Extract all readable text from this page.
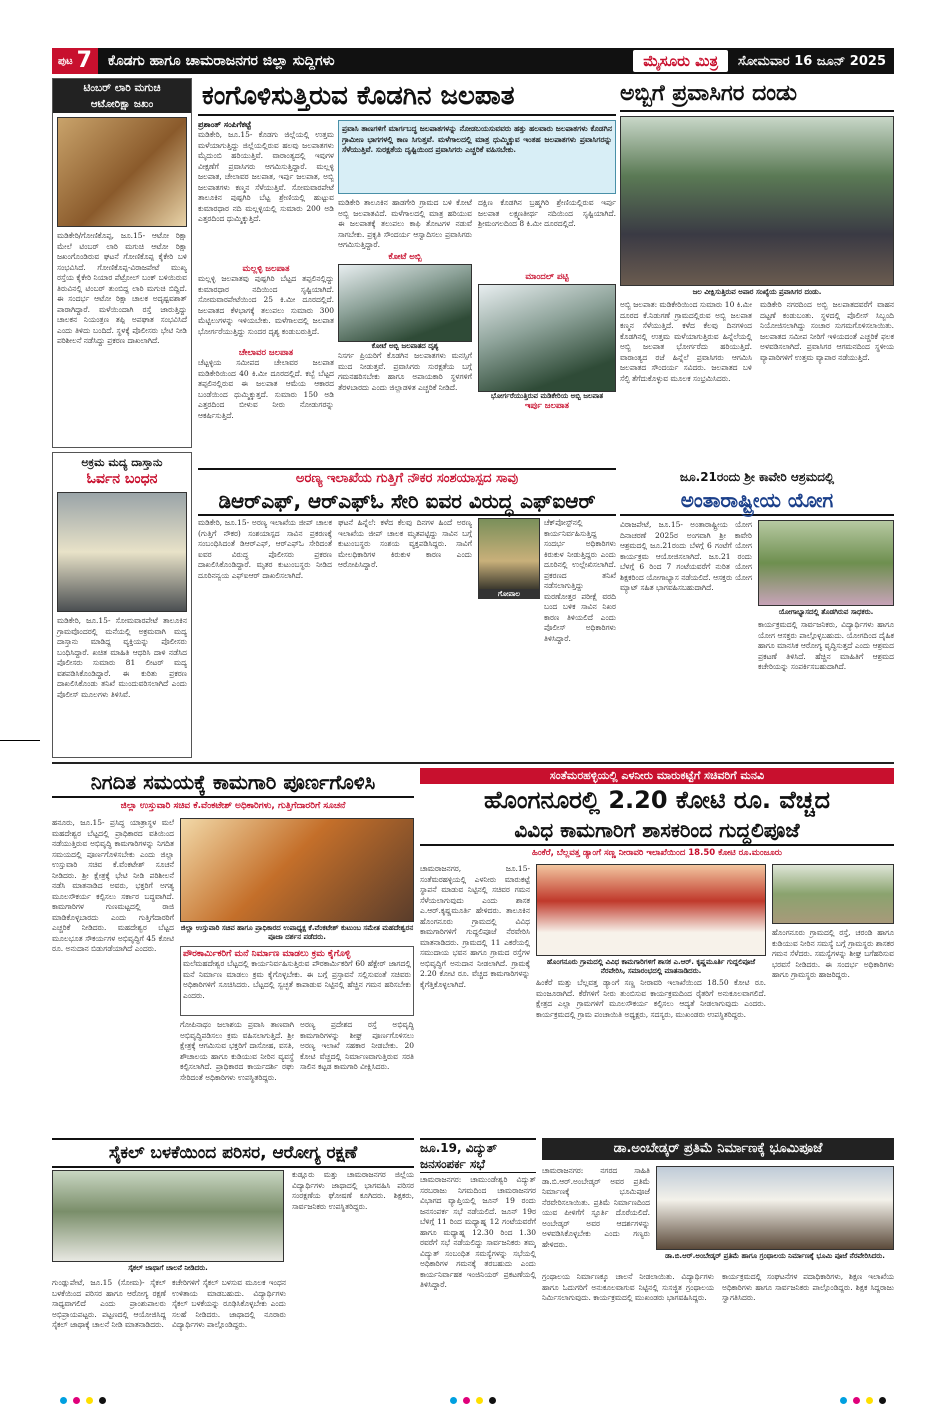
ಪುಟ 7	ಕೊಡಗು ಹಾಗೂ ಚಾಮರಾಜನಗರ ಜಿಲ್ಲಾ ಸುದ್ದಿಗಳು	ಮೈಸೂರು ಮಿತ್ರ	ಸೋಮವಾರ 16 ಜೂನ್ 2025
ಟಿಂಬರ್ ಲಾರಿ ಮಗುಚಿ
ಆಟೋರಿಕ್ಷಾ ಜಖಂ
ಮಡಿಕೇರಿ/ಗೋಣಿಕೊಪ್ಪ, ಜೂ.15- ಆಟೋ ರಿಕ್ಷಾ ಮೇಲೆ ಟಿಂಬರ್ ಲಾರಿ ಮಗುಚಿ ಆಟೋ ರಿಕ್ಷಾ ಜಖಂಗೊಂಡಿರುವ ಘಟನೆ ಗೋಣಿಕೊಪ್ಪ ಕೈಕೇರಿ ಬಳಿ ಸಂಭವಿಸಿದೆ. ಗೋಣಿಕೊಪ್ಪ-ವಿರಾಜಪೇಟೆ ಮುಖ್ಯ ರಸ್ತೆಯ ಕೈಕೇರಿ ನಿಯಾರ ಪೆಟ್ರೋಲ್ ಬಂಕ್ ಬಳಿಯಿರುವ ತಿರುವಿನಲ್ಲಿ ಟಿಂಬರ್ ತುಂಬಿದ್ದ ಲಾರಿ ಮಗುಚಿ ಬಿದ್ದಿದೆ. ಈ ಸಂದರ್ಭ ಆಟೋ ರಿಕ್ಷಾ ಚಾಲಕ ಅದೃಷ್ಟವಶಾತ್ ಪಾರಾಗಿದ್ದಾರೆ. ಮಳೆಯಿಂದಾಗಿ ರಸ್ತೆ ಜಾರುತ್ತಿದ್ದು ಚಾಲಕನ ನಿಯಂತ್ರಣ ತಪ್ಪಿ ಅಪಘಾತ ಸಂಭವಿಸಿದೆ ಎಂದು ತಿಳಿದು ಬಂದಿದೆ. ಸ್ಥಳಕ್ಕೆ ಪೊಲೀಸರು ಭೇಟಿ ನೀಡಿ ಪರಿಶೀಲನೆ ನಡೆಸಿದ್ದು ಪ್ರಕರಣ ದಾಖಲಾಗಿದೆ.
ಅಕ್ರಮ ಮದ್ಯ ದಾಸ್ತಾನು
ಓರ್ವನ ಬಂಧನ
ಮಡಿಕೇರಿ, ಜೂ.15- ಸೋಮವಾರಪೇಟೆ ತಾಲೂಕಿನ ಗ್ರಾಮವೊಂದರಲ್ಲಿ ಮನೆಯಲ್ಲಿ ಅಕ್ರಮವಾಗಿ ಮದ್ಯ ದಾಸ್ತಾನು ಮಾಡಿದ್ದ ವ್ಯಕ್ತಿಯನ್ನು ಪೊಲೀಸರು ಬಂಧಿಸಿದ್ದಾರೆ. ಖಚಿತ ಮಾಹಿತಿ ಆಧರಿಸಿ ದಾಳಿ ನಡೆಸಿದ ಪೊಲೀಸರು ಸುಮಾರು 81 ಲೀಟರ್ ಮದ್ಯ ವಶಪಡಿಸಿಕೊಂಡಿದ್ದಾರೆ. ಈ ಕುರಿತು ಪ್ರಕರಣ ದಾಖಲಿಸಿಕೊಂಡು ತನಿಖೆ ಮುಂದುವರಿಸಲಾಗಿದೆ ಎಂದು ಪೊಲೀಸ್ ಮೂಲಗಳು ತಿಳಿಸಿವೆ.
ಕಂಗೊಳಿಸುತ್ತಿರುವ ಕೊಡಗಿನ ಜಲಪಾತ
ಪ್ರಶಾಂತ್ ಸಂಪಿಗೆಕಟ್ಟೆ
ಮಡಿಕೇರಿ, ಜೂ.15- ಕೊಡಗು ಜಿಲ್ಲೆಯಲ್ಲಿ ಉತ್ತಮ ಮಳೆಯಾಗುತ್ತಿದ್ದು ಜಿಲ್ಲೆಯಲ್ಲಿರುವ ಹಲವು ಜಲಪಾತಗಳು ಮೈದುಂಬಿ ಹರಿಯುತ್ತಿವೆ. ವಾರಾಂತ್ಯದಲ್ಲಿ ಇವುಗಳ ವೀಕ್ಷಣೆಗೆ ಪ್ರವಾಸಿಗರು ಆಗಮಿಸುತ್ತಿದ್ದಾರೆ. ಮಲ್ಲಳ್ಳಿ ಜಲಪಾತ, ಚೇಲಾವರ ಜಲಪಾತ, ಇರ್ಪು ಜಲಪಾತ, ಅಬ್ಬಿ ಜಲಪಾತಗಳು ಕಣ್ಮನ ಸೆಳೆಯುತ್ತಿವೆ. ಸೋಮವಾರಪೇಟೆ ತಾಲೂಕಿನ ಪುಷ್ಪಗಿರಿ ಬೆಟ್ಟ ಶ್ರೇಣಿಯಲ್ಲಿ ಹುಟ್ಟುವ ಕುಮಾರಧಾರ ನದಿ ಮಲ್ಲಳ್ಳಿಯಲ್ಲಿ ಸುಮಾರು 200 ಅಡಿ ಎತ್ತರದಿಂದ ಧುಮ್ಮಿಕ್ಕುತ್ತಿದೆ.
ಮಲ್ಲಳ್ಳಿ ಜಲಪಾತ
ಮಲ್ಲಳ್ಳಿ ಜಲಪಾತವು ಪುಷ್ಪಗಿರಿ ಬೆಟ್ಟದ ತಪ್ಪಲಿನಲ್ಲಿದ್ದು ಕುಮಾರಧಾರ ನದಿಯಿಂದ ಸೃಷ್ಟಿಯಾಗಿದೆ. ಸೋಮವಾರಪೇಟೆಯಿಂದ 25 ಕಿ.ಮೀ ದೂರದಲ್ಲಿದೆ. ಜಲಪಾತದ ಕೆಳಭಾಗಕ್ಕೆ ತಲುಪಲು ಸುಮಾರು 300 ಮೆಟ್ಟಿಲುಗಳನ್ನು ಇಳಿಯಬೇಕು. ಮಳೆಗಾಲದಲ್ಲಿ ಜಲಪಾತ ಭೋರ್ಗರೆಯುತ್ತಿದ್ದು ಸುಂದರ ದೃಶ್ಯ ಕಂಡುಬರುತ್ತಿದೆ.
ಚೇಲಾವರ ಜಲಪಾತ
ಚೆಟ್ಟಳ್ಳಿಯ ಸಮೀಪದ ಚೇಲಾವರ ಜಲಪಾತ ಮಡಿಕೇರಿಯಿಂದ 40 ಕಿ.ಮೀ ದೂರದಲ್ಲಿದೆ. ಕಬ್ಬೆ ಬೆಟ್ಟದ ತಪ್ಪಲಿನಲ್ಲಿರುವ ಈ ಜಲಪಾತ ಆಮೆಯ ಆಕಾರದ ಬಂಡೆಯಿಂದ ಧುಮ್ಮಿಕ್ಕುತ್ತದೆ. ಸುಮಾರು 150 ಅಡಿ ಎತ್ತರದಿಂದ ಬೀಳುವ ನೀರು ನೋಡುಗರನ್ನು ಆಕರ್ಷಿಸುತ್ತಿದೆ.
ಪ್ರವಾಸಿ ತಾಣಗಳಿಗೆ ಮಾರ್ಗಬದ್ಧ ಜಲಪಾತಗಳನ್ನು ನೋಡಬಯಸುವವರು ಹತ್ತು ಹಲವಾರು ಜಲಪಾತಗಳು ಕೊಡಗಿನ ಗ್ರಾಮೀಣ ಭಾಗಗಳಲ್ಲಿ ಕಾಣ ಸಿಗುತ್ತವೆ. ಮಳೆಗಾಲದಲ್ಲಿ ಮಾತ್ರ ಧುಮ್ಮಿಕ್ಕುವ ಇಂತಹ ಜಲಪಾತಗಳು ಪ್ರವಾಸಿಗರನ್ನು ಸೆಳೆಯುತ್ತಿವೆ. ಸುರಕ್ಷತೆಯ ದೃಷ್ಟಿಯಿಂದ ಪ್ರವಾಸಿಗರು ಎಚ್ಚರಿಕೆ ವಹಿಸಬೇಕು.
ಮಡಿಕೇರಿ ತಾಲೂಕಿನ ಹಾಡಗೇರಿ ಗ್ರಾಮದ ಬಳಿ ಕೋಟೆ ಅಬ್ಬಿ ಜಲಪಾತವಿದೆ. ಮಳೆಗಾಲದಲ್ಲಿ ಮಾತ್ರ ಹರಿಯುವ ಈ ಜಲಪಾತಕ್ಕೆ ತಲುಪಲು ಕಾಫಿ ತೋಟಗಳ ನಡುವೆ ಸಾಗಬೇಕು. ಪ್ರಕೃತಿ ಸೌಂದರ್ಯ ಆಸ್ವಾದಿಸಲು ಪ್ರವಾಸಿಗರು ಆಗಮಿಸುತ್ತಿದ್ದಾರೆ.
ಕೋಟೆ ಅಬ್ಬಿ
ಕೋಟೆ ಅಬ್ಬಿ ಜಲಪಾತದ ದೃಶ್ಯ
ನಿಸರ್ಗ ಪ್ರಿಯರಿಗೆ ಕೊಡಗಿನ ಜಲಪಾತಗಳು ಮನಸ್ಸಿಗೆ ಮುದ ನೀಡುತ್ತವೆ. ಪ್ರವಾಸಿಗರು ಸುರಕ್ಷತೆಯ ಬಗ್ಗೆ ಗಮನಹರಿಸಬೇಕು ಹಾಗೂ ಅಪಾಯಕಾರಿ ಸ್ಥಳಗಳಿಗೆ ತೆರಳಬಾರದು ಎಂದು ಜಿಲ್ಲಾಡಳಿತ ಎಚ್ಚರಿಕೆ ನೀಡಿದೆ.
ದಕ್ಷಿಣ ಕೊಡಗಿನ ಬ್ರಹ್ಮಗಿರಿ ಶ್ರೇಣಿಯಲ್ಲಿರುವ ಇರ್ಪು ಜಲಪಾತ ಲಕ್ಷ್ಮಣತೀರ್ಥ ನದಿಯಿಂದ ಸೃಷ್ಟಿಯಾಗಿದೆ. ಶ್ರೀಮಂಗಲದಿಂದ 8 ಕಿ.ಮೀ ದೂರದಲ್ಲಿದೆ.
ಮಾಂದಲ್ ಪಟ್ಟಿ
ಭೋರ್ಗರೆಯುತ್ತಿರುವ ಮಡಿಕೇರಿಯ ಅಬ್ಬಿ ಜಲಪಾತ
ಇರ್ಪು ಜಲಪಾತ
ಅಬ್ಬಿಗೆ ಪ್ರವಾಸಿಗರ ದಂಡು
ಜಲ ವೀಕ್ಷಿಸುತ್ತಿರುವ ಅಪಾರ ಸಂಖ್ಯೆಯ ಪ್ರವಾಸಿಗರ ದಂಡು.
ಅಬ್ಬಿ ಜಲಪಾತ: ಮಡಿಕೇರಿಯಿಂದ ಸುಮಾರು 10 ಕಿ.ಮೀ ದೂರದ ಕೆ.ನಿಡುಗಣೆ ಗ್ರಾಮದಲ್ಲಿರುವ ಅಬ್ಬಿ ಜಲಪಾತ ಕಣ್ಮನ ಸೆಳೆಯುತ್ತಿದೆ. ಕಳೆದ ಕೆಲವು ದಿನಗಳಿಂದ ಕೊಡಗಿನಲ್ಲಿ ಉತ್ತಮ ಮಳೆಯಾಗುತ್ತಿರುವ ಹಿನ್ನೆಲೆಯಲ್ಲಿ ಅಬ್ಬಿ ಜಲಪಾತ ಭೋರ್ಗರೆದು ಹರಿಯುತ್ತಿದೆ. ವಾರಾಂತ್ಯದ ರಜೆ ಹಿನ್ನೆಲೆ ಪ್ರವಾಸಿಗರು ಆಗಮಿಸಿ ಜಲಪಾತದ ಸೌಂದರ್ಯ ಸವಿದರು. ಜಲಪಾತದ ಬಳಿ ಸೆಲ್ಫಿ ತೆಗೆದುಕೊಳ್ಳುವ ಮೂಲಕ ಸಂಭ್ರಮಿಸಿದರು.
ಮಡಿಕೇರಿ ನಗರದಿಂದ ಅಬ್ಬಿ ಜಲಪಾತದವರೆಗೆ ವಾಹನ ದಟ್ಟಣೆ ಕಂಡುಬಂತು. ಸ್ಥಳದಲ್ಲಿ ಪೊಲೀಸ್ ಸಿಬ್ಬಂದಿ ನಿಯೋಜಿಸಲಾಗಿದ್ದು ಸಂಚಾರ ಸುಗಮಗೊಳಿಸಲಾಯಿತು. ಜಲಪಾತದ ಸಮೀಪ ನೀರಿಗೆ ಇಳಿಯದಂತೆ ಎಚ್ಚರಿಕೆ ಫಲಕ ಅಳವಡಿಸಲಾಗಿದೆ. ಪ್ರವಾಸಿಗರ ಆಗಮನದಿಂದ ಸ್ಥಳೀಯ ವ್ಯಾಪಾರಿಗಳಿಗೆ ಉತ್ತಮ ವ್ಯಾಪಾರ ನಡೆಯುತ್ತಿದೆ.
ಜೂ.21ರಂದು ಶ್ರೀ ಕಾವೇರಿ ಆಶ್ರಮದಲ್ಲಿ
ಅಂತಾರಾಷ್ಟ್ರೀಯ ಯೋಗ
ವಿರಾಜಪೇಟೆ, ಜೂ.15- ಅಂತಾರಾಷ್ಟ್ರೀಯ ಯೋಗ ದಿನಾಚರಣೆ 2025ರ ಅಂಗವಾಗಿ ಶ್ರೀ ಕಾವೇರಿ ಆಶ್ರಮದಲ್ಲಿ ಜೂ.21ರಂದು ಬೆಳಗ್ಗೆ 6 ಗಂಟೆಗೆ ಯೋಗ ಕಾರ್ಯಕ್ರಮ ಆಯೋಜಿಸಲಾಗಿದೆ. ಜೂ.21 ರಂದು ಬೆಳಗ್ಗೆ 6 ರಿಂದ 7 ಗಂಟೆಯವರೆಗೆ ನುರಿತ ಯೋಗ ಶಿಕ್ಷಕರಿಂದ ಯೋಗಾಭ್ಯಾಸ ನಡೆಯಲಿದೆ. ಆಸಕ್ತರು ಯೋಗ ಮ್ಯಾಟ್ ಸಹಿತ ಭಾಗವಹಿಸಬಹುದಾಗಿದೆ.
ಯೋಗಾಭ್ಯಾಸದಲ್ಲಿ ತೊಡಗಿರುವ ಸಾಧಕರು.
ಕಾರ್ಯಕ್ರಮದಲ್ಲಿ ಸಾರ್ವಜನಿಕರು, ವಿದ್ಯಾರ್ಥಿಗಳು ಹಾಗೂ ಯೋಗ ಆಸಕ್ತರು ಪಾಲ್ಗೊಳ್ಳಬಹುದು. ಯೋಗದಿಂದ ದೈಹಿಕ ಹಾಗೂ ಮಾನಸಿಕ ಆರೋಗ್ಯ ವೃದ್ಧಿಸುತ್ತದೆ ಎಂದು ಆಶ್ರಮದ ಪ್ರಕಟಣೆ ತಿಳಿಸಿದೆ. ಹೆಚ್ಚಿನ ಮಾಹಿತಿಗೆ ಆಶ್ರಮದ ಕಚೇರಿಯನ್ನು ಸಂಪರ್ಕಿಸಬಹುದಾಗಿದೆ.
ಅರಣ್ಯ ಇಲಾಖೆಯ ಗುತ್ತಿಗೆ ನೌಕರ ಸಂಶಯಾಸ್ಪದ ಸಾವು
ಡಿಆರ್‌ಎಫ್, ಆರ್‌ಎಫ್‌ಓ ಸೇರಿ ಐವರ ವಿರುದ್ಧ ಎಫ್‌ಐಆರ್
ಮಡಿಕೇರಿ, ಜೂ.15- ಅರಣ್ಯ ಇಲಾಖೆಯ ಜೀಪ್ ಚಾಲಕ (ಗುತ್ತಿಗೆ ನೌಕರ) ಸಂಶಯಾಸ್ಪದ ಸಾವಿನ ಪ್ರಕರಣಕ್ಕೆ ಸಂಬಂಧಿಸಿದಂತೆ ಡಿಆರ್‌ಎಫ್, ಆರ್‌ಎಫ್‌ಓ ಸೇರಿದಂತೆ ಐವರ ವಿರುದ್ಧ ಪೊಲೀಸರು ಪ್ರಕರಣ ದಾಖಲಿಸಿಕೊಂಡಿದ್ದಾರೆ. ಮೃತರ ಕುಟುಂಬಸ್ಥರು ನೀಡಿದ ದೂರಿನನ್ವಯ ಎಫ್‌ಐಆರ್ ದಾಖಲಿಸಲಾಗಿದೆ.
ಘಟನೆ ಹಿನ್ನೆಲೆ: ಕಳೆದ ಕೆಲವು ದಿನಗಳ ಹಿಂದೆ ಅರಣ್ಯ ಇಲಾಖೆಯ ಜೀಪ್ ಚಾಲಕ ಮೃತಪಟ್ಟಿದ್ದು ಸಾವಿನ ಬಗ್ಗೆ ಕುಟುಂಬಸ್ಥರು ಸಂಶಯ ವ್ಯಕ್ತಪಡಿಸಿದ್ದರು. ಸಾವಿಗೆ ಮೇಲಧಿಕಾರಿಗಳ ಕಿರುಕುಳ ಕಾರಣ ಎಂದು ಆರೋಪಿಸಿದ್ದಾರೆ.
ಗೋಪಾಲ
ಚೆಕ್‌ಪೋಸ್ಟ್‌ನಲ್ಲಿ ಕಾರ್ಯನಿರ್ವಹಿಸುತ್ತಿದ್ದ ಸಂದರ್ಭ ಅಧಿಕಾರಿಗಳು ಕಿರುಕುಳ ನೀಡುತ್ತಿದ್ದರು ಎಂದು ದೂರಿನಲ್ಲಿ ಉಲ್ಲೇಖಿಸಲಾಗಿದೆ. ಪ್ರಕರಣದ ತನಿಖೆ ನಡೆಸಲಾಗುತ್ತಿದ್ದು ಮರಣೋತ್ತರ ಪರೀಕ್ಷೆ ವರದಿ ಬಂದ ಬಳಿಕ ಸಾವಿನ ನಿಖರ ಕಾರಣ ತಿಳಿಯಲಿದೆ ಎಂದು ಪೊಲೀಸ್ ಅಧಿಕಾರಿಗಳು ತಿಳಿಸಿದ್ದಾರೆ.
ನಿಗದಿತ ಸಮಯಕ್ಕೆ ಕಾಮಗಾರಿ ಪೂರ್ಣಗೊಳಿಸಿ
ಜಿಲ್ಲಾ ಉಸ್ತುವಾರಿ ಸಚಿವ ಕೆ.ವೆಂಕಟೇಶ್ ಅಧಿಕಾರಿಗಳು, ಗುತ್ತಿಗೆದಾರರಿಗೆ ಸೂಚನೆ
ಹನೂರು, ಜೂ.15- ಪ್ರಸಿದ್ಧ ಯಾತ್ರಾಸ್ಥಳ ಮಲೆ ಮಹದೇಶ್ವರ ಬೆಟ್ಟದಲ್ಲಿ ಪ್ರಾಧಿಕಾರದ ವತಿಯಿಂದ ನಡೆಯುತ್ತಿರುವ ಅಭಿವೃದ್ಧಿ ಕಾಮಗಾರಿಗಳನ್ನು ನಿಗದಿತ ಸಮಯದಲ್ಲಿ ಪೂರ್ಣಗೊಳಿಸಬೇಕು ಎಂದು ಜಿಲ್ಲಾ ಉಸ್ತುವಾರಿ ಸಚಿವ ಕೆ.ವೆಂಕಟೇಶ್ ಸೂಚನೆ ನೀಡಿದರು. ಶ್ರೀ ಕ್ಷೇತ್ರಕ್ಕೆ ಭೇಟಿ ನೀಡಿ ಪರಿಶೀಲನೆ ನಡೆಸಿ ಮಾತನಾಡಿದ ಅವರು, ಭಕ್ತರಿಗೆ ಅಗತ್ಯ ಮೂಲಸೌಕರ್ಯ ಕಲ್ಪಿಸಲು ಸರ್ಕಾರ ಬದ್ಧವಾಗಿದೆ. ಕಾಮಗಾರಿಗಳ ಗುಣಮಟ್ಟದಲ್ಲಿ ರಾಜಿ ಮಾಡಿಕೊಳ್ಳಬಾರದು ಎಂದು ಗುತ್ತಿಗೆದಾರರಿಗೆ ಎಚ್ಚರಿಕೆ ನೀಡಿದರು. ಮಹದೇಶ್ವರ ಬೆಟ್ಟದ ಮೂಲಭೂತ ಸೌಕರ್ಯಗಳ ಅಭಿವೃದ್ಧಿಗೆ 45 ಕೋಟಿ ರೂ. ಅನುದಾನ ಬಿಡುಗಡೆಯಾಗಿದೆ ಎಂದರು.
ಜಿಲ್ಲಾ ಉಸ್ತುವಾರಿ ಸಚಿವ ಹಾಗೂ ಪ್ರಾಧಿಕಾರದ ಉಪಾಧ್ಯಕ್ಷ ಕೆ.ವೆಂಕಟೇಶ್ ಕುಟುಂಬ ಸಮೇತ ಮಹದೇಶ್ವರನ ಪೂಜಾ ದರ್ಶನ ಪಡೆದರು.
ಪೌರಕಾರ್ಮಿಕರಿಗೆ ಮನೆ ನಿರ್ಮಾಣ ಮಾಡಲು ಕ್ರಮ ಕೈಗೊಳ್ಳಿ
ಮಲೆಮಹದೇಶ್ವರ ಬೆಟ್ಟದಲ್ಲಿ ಕಾರ್ಯನಿರ್ವಹಿಸುತ್ತಿರುವ ಪೌರಕಾರ್ಮಿಕರಿಗೆ 60 ಹೆಕ್ಟೇರ್ ಜಾಗದಲ್ಲಿ ಮನೆ ನಿರ್ಮಾಣ ಮಾಡಲು ಕ್ರಮ ಕೈಗೊಳ್ಳಬೇಕು. ಈ ಬಗ್ಗೆ ಪ್ರಸ್ತಾವನೆ ಸಲ್ಲಿಸುವಂತೆ ಸಚಿವರು ಅಧಿಕಾರಿಗಳಿಗೆ ಸೂಚಿಸಿದರು. ಬೆಟ್ಟದಲ್ಲಿ ಸ್ವಚ್ಛತೆ ಕಾಪಾಡುವ ನಿಟ್ಟಿನಲ್ಲಿ ಹೆಚ್ಚಿನ ಗಮನ ಹರಿಸಬೇಕು ಎಂದರು.
ಗೋಪಿನಾಥಂ ಜಲಾಶಯ ಪ್ರವಾಸಿ ತಾಣವಾಗಿ ಅಭಿವೃದ್ಧಿಪಡಿಸಲು ಕ್ರಮ ವಹಿಸಲಾಗುತ್ತಿದೆ. ಶ್ರೀ ಕ್ಷೇತ್ರಕ್ಕೆ ಆಗಮಿಸುವ ಭಕ್ತರಿಗೆ ದಾಸೋಹ, ವಸತಿ, ಶೌಚಾಲಯ ಹಾಗೂ ಕುಡಿಯುವ ನೀರಿನ ವ್ಯವಸ್ಥೆ ಕಲ್ಪಿಸಲಾಗಿದೆ. ಪ್ರಾಧಿಕಾರದ ಕಾರ್ಯದರ್ಶಿ ರಘು ಸೇರಿದಂತೆ ಅಧಿಕಾರಿಗಳು ಉಪಸ್ಥಿತರಿದ್ದರು.
ಅರಣ್ಯ ಪ್ರದೇಶದ ರಸ್ತೆ ಅಭಿವೃದ್ಧಿ ಕಾಮಗಾರಿಗಳನ್ನು ಶೀಘ್ರ ಪೂರ್ಣಗೊಳಿಸಲು ಅರಣ್ಯ ಇಲಾಖೆ ಸಹಕಾರ ನೀಡಬೇಕು. 20 ಕೋಟಿ ವೆಚ್ಚದಲ್ಲಿ ನಿರ್ಮಾಣವಾಗುತ್ತಿರುವ ಸರತಿ ಸಾಲಿನ ಕಟ್ಟಡ ಕಾಮಗಾರಿ ವೀಕ್ಷಿಸಿದರು.
ಸೈಕಲ್ ಬಳಕೆಯಿಂದ ಪರಿಸರ, ಆರೋಗ್ಯ ರಕ್ಷಣೆ
ಸೈಕಲ್ ಜಾಥಾಗೆ ಚಾಲನೆ ನೀಡಿದರು.
ಗುಂಡ್ಲುಪೇಟೆ, ಜೂ.15 (ಸೋಮ)- ಸೈಕಲ್ ಬಳಕೆಯಿಂದ ಪರಿಸರ ಹಾಗೂ ಆರೋಗ್ಯ ರಕ್ಷಣೆ ಸಾಧ್ಯವಾಗಲಿದೆ ಎಂದು ಪ್ರಾಂಶುಪಾಲರು ಅಭಿಪ್ರಾಯಪಟ್ಟರು. ಪಟ್ಟಣದಲ್ಲಿ ಆಯೋಜಿಸಿದ್ದ ಸೈಕಲ್ ಜಾಥಾಕ್ಕೆ ಚಾಲನೆ ನೀಡಿ ಮಾತನಾಡಿದರು.
ಕಚೇರಿಗಳಿಗೆ ಸೈಕಲ್ ಬಳಸುವ ಮೂಲಕ ಇಂಧನ ಉಳಿತಾಯ ಮಾಡಬಹುದು. ವಿದ್ಯಾರ್ಥಿಗಳು ಸೈಕಲ್ ಬಳಕೆಯನ್ನು ರೂಢಿಸಿಕೊಳ್ಳಬೇಕು ಎಂದು ಸಲಹೆ ನೀಡಿದರು. ಜಾಥಾದಲ್ಲಿ ನೂರಾರು ವಿದ್ಯಾರ್ಥಿಗಳು ಪಾಲ್ಗೊಂಡಿದ್ದರು.
ಕುಡ್ಲೂರು ಮತ್ತು ಚಾಮರಾಜನಗರ ಜಿಲ್ಲೆಯ ವಿದ್ಯಾರ್ಥಿಗಳು ಜಾಥಾದಲ್ಲಿ ಭಾಗವಹಿಸಿ ಪರಿಸರ ಸಂರಕ್ಷಣೆಯ ಘೋಷಣೆ ಕೂಗಿದರು. ಶಿಕ್ಷಕರು, ಸಾರ್ವಜನಿಕರು ಉಪಸ್ಥಿತರಿದ್ದರು.
ಜೂ.19, ವಿದ್ಯುತ್
ಜನಸಂಪರ್ಕ ಸಭೆ
ಚಾಮರಾಜನಗರ: ಚಾಮುಂಡೇಶ್ವರಿ ವಿದ್ಯುತ್ ಸರಬರಾಜು ನಿಗಮದಿಂದ ಚಾಮರಾಜನಗರ ವಿಭಾಗದ ವ್ಯಾಪ್ತಿಯಲ್ಲಿ ಜೂನ್ 19 ರಂದು ಜನಸಂಪರ್ಕ ಸಭೆ ನಡೆಯಲಿದೆ. ಜೂನ್ 19ರ ಬೆಳಿಗ್ಗೆ 11 ರಿಂದ ಮಧ್ಯಾಹ್ನ 12 ಗಂಟೆಯವರೆಗೆ ಹಾಗೂ ಮಧ್ಯಾಹ್ನ 12.30 ರಿಂದ 1.30 ರವರೆಗೆ ಸಭೆ ನಡೆಯಲಿದ್ದು ಸಾರ್ವಜನಿಕರು ತಮ್ಮ ವಿದ್ಯುತ್ ಸಂಬಂಧಿತ ಸಮಸ್ಯೆಗಳನ್ನು ಸಭೆಯಲ್ಲಿ ಅಧಿಕಾರಿಗಳ ಗಮನಕ್ಕೆ ತರಬಹುದು ಎಂದು ಕಾರ್ಯನಿರ್ವಾಹಕ ಇಂಜಿನಿಯರ್ ಪ್ರಕಟಣೆಯಲ್ಲಿ ತಿಳಿಸಿದ್ದಾರೆ.
ಸಂತೆಮರಹಳ್ಳಿಯಲ್ಲಿ ಎಳನೀರು ಮಾರುಕಟ್ಟೆಗೆ ಸಚಿವರಿಗೆ ಮನವಿ
ಹೊಂಗನೂರಲ್ಲಿ 2.20 ಕೋಟಿ ರೂ. ವೆಚ್ಚದ
ವಿವಿಧ ಕಾಮಗಾರಿಗೆ ಶಾಸಕರಿಂದ ಗುದ್ದಲಿಪೂಜೆ
ಹಿಂಕೆರೆ, ಬೆಲ್ಲವತ್ತ ಡ್ಯಾಂಗೆ ಸಣ್ಣ ನೀರಾವರಿ ಇಲಾಖೆಯಿಂದ 18.50 ಕೋಟಿ ರೂ.ಮಂಜೂರು
ಚಾಮರಾಜನಗರ, ಜೂ.15- ಸಂತೆಮರಹಳ್ಳಿಯಲ್ಲಿ ಎಳನೀರು ಮಾರುಕಟ್ಟೆ ಸ್ಥಾಪನೆ ಮಾಡುವ ನಿಟ್ಟಿನಲ್ಲಿ ಸಚಿವರ ಗಮನ ಸೆಳೆಯಲಾಗುವುದು ಎಂದು ಶಾಸಕ ಎ.ಆರ್.ಕೃಷ್ಣಮೂರ್ತಿ ಹೇಳಿದರು. ತಾಲೂಕಿನ ಹೊಂಗನೂರು ಗ್ರಾಮದಲ್ಲಿ ವಿವಿಧ ಕಾಮಗಾರಿಗಳಿಗೆ ಗುದ್ದಲಿಪೂಜೆ ನೆರವೇರಿಸಿ ಮಾತನಾಡಿದರು. ಗ್ರಾಮದಲ್ಲಿ 11 ಎಕರೆಯಲ್ಲಿ ಸಮುದಾಯ ಭವನ ಹಾಗೂ ಗ್ರಾಮದ ರಸ್ತೆಗಳ ಅಭಿವೃದ್ಧಿಗೆ ಅನುದಾನ ನೀಡಲಾಗಿದೆ. ಗ್ರಾಮಕ್ಕೆ 2.20 ಕೋಟಿ ರೂ. ವೆಚ್ಚದ ಕಾಮಗಾರಿಗಳನ್ನು ಕೈಗೆತ್ತಿಕೊಳ್ಳಲಾಗಿದೆ.
ಹೊಂಗನೂರು ಗ್ರಾಮದಲ್ಲಿ ವಿವಿಧ ಕಾಮಗಾರಿಗಳಿಗೆ ಶಾಸಕ ಎ.ಆರ್. ಕೃಷ್ಣಮೂರ್ತಿ ಗುದ್ದಲಿಪೂಜೆ ನೆರವೇರಿಸಿ, ಸಮಾರಂಭದಲ್ಲಿ ಮಾತನಾಡಿದರು.
ಹಿಂಕೆರೆ ಮತ್ತು ಬೆಲ್ಲವತ್ತ ಡ್ಯಾಂಗೆ ಸಣ್ಣ ನೀರಾವರಿ ಇಲಾಖೆಯಿಂದ 18.50 ಕೋಟಿ ರೂ. ಮಂಜೂರಾಗಿದೆ. ಕೆರೆಗಳಿಗೆ ನೀರು ತುಂಬಿಸುವ ಕಾರ್ಯಕ್ರಮದಿಂದ ರೈತರಿಗೆ ಅನುಕೂಲವಾಗಲಿದೆ. ಕ್ಷೇತ್ರದ ಎಲ್ಲಾ ಗ್ರಾಮಗಳಿಗೆ ಮೂಲಸೌಕರ್ಯ ಕಲ್ಪಿಸಲು ಆದ್ಯತೆ ನೀಡಲಾಗುವುದು ಎಂದರು. ಕಾರ್ಯಕ್ರಮದಲ್ಲಿ ಗ್ರಾಮ ಪಂಚಾಯಿತಿ ಅಧ್ಯಕ್ಷರು, ಸದಸ್ಯರು, ಮುಖಂಡರು ಉಪಸ್ಥಿತರಿದ್ದರು.
ಹೊಂಗನೂರು ಗ್ರಾಮದಲ್ಲಿ ರಸ್ತೆ, ಚರಂಡಿ ಹಾಗೂ ಕುಡಿಯುವ ನೀರಿನ ಸಮಸ್ಯೆ ಬಗ್ಗೆ ಗ್ರಾಮಸ್ಥರು ಶಾಸಕರ ಗಮನ ಸೆಳೆದರು. ಸಮಸ್ಯೆಗಳನ್ನು ಶೀಘ್ರ ಬಗೆಹರಿಸುವ ಭರವಸೆ ನೀಡಿದರು. ಈ ಸಂದರ್ಭ ಅಧಿಕಾರಿಗಳು ಹಾಗೂ ಗ್ರಾಮಸ್ಥರು ಹಾಜರಿದ್ದರು.
ಡಾ.ಅಂಬೇಡ್ಕರ್ ಪ್ರತಿಮೆ ನಿರ್ಮಾಣಕ್ಕೆ ಭೂಮಿಪೂಜೆ
ಚಾಮರಾಜನಗರ: ನಗರದ ಸಾಹಿತಿ ಡಾ.ಬಿ.ಆರ್.ಅಂಬೇಡ್ಕರ್ ಅವರ ಪ್ರತಿಮೆ ನಿರ್ಮಾಣಕ್ಕೆ ಭೂಮಿಪೂಜೆ ನೆರವೇರಿಸಲಾಯಿತು. ಪ್ರತಿಮೆ ನಿರ್ಮಾಣದಿಂದ ಯುವ ಪೀಳಿಗೆಗೆ ಸ್ಫೂರ್ತಿ ದೊರೆಯಲಿದೆ. ಅಂಬೇಡ್ಕರ್ ಅವರ ಆದರ್ಶಗಳನ್ನು ಅಳವಡಿಸಿಕೊಳ್ಳಬೇಕು ಎಂದು ಗಣ್ಯರು ಹೇಳಿದರು.
ಡಾ.ಬಿ.ಆರ್.ಅಂಬೇಡ್ಕರ್ ಪ್ರತಿಮೆ ಹಾಗೂ ಗ್ರಂಥಾಲಯ ನಿರ್ಮಾಣಕ್ಕೆ ಭೂಮಿ ಪೂಜೆ ನೆರವೇರಿಸಿದರು.
ಗ್ರಂಥಾಲಯ ನಿರ್ಮಾಣಕ್ಕೂ ಚಾಲನೆ ನೀಡಲಾಯಿತು. ವಿದ್ಯಾರ್ಥಿಗಳು ಹಾಗೂ ಓದುಗರಿಗೆ ಅನುಕೂಲವಾಗುವ ನಿಟ್ಟಿನಲ್ಲಿ ಸುಸಜ್ಜಿತ ಗ್ರಂಥಾಲಯ ನಿರ್ಮಿಸಲಾಗುವುದು. ಕಾರ್ಯಕ್ರಮದಲ್ಲಿ ಮುಖಂಡರು ಭಾಗವಹಿಸಿದ್ದರು.
ಕಾರ್ಯಕ್ರಮದಲ್ಲಿ ಸಂಘಟನೆಗಳ ಪದಾಧಿಕಾರಿಗಳು, ಶಿಕ್ಷಣ ಇಲಾಖೆಯ ಅಧಿಕಾರಿಗಳು ಹಾಗೂ ಸಾರ್ವಜನಿಕರು ಪಾಲ್ಗೊಂಡಿದ್ದರು. ಶಿಕ್ಷಕ ಸಿದ್ದರಾಜು ಸ್ವಾಗತಿಸಿದರು.
